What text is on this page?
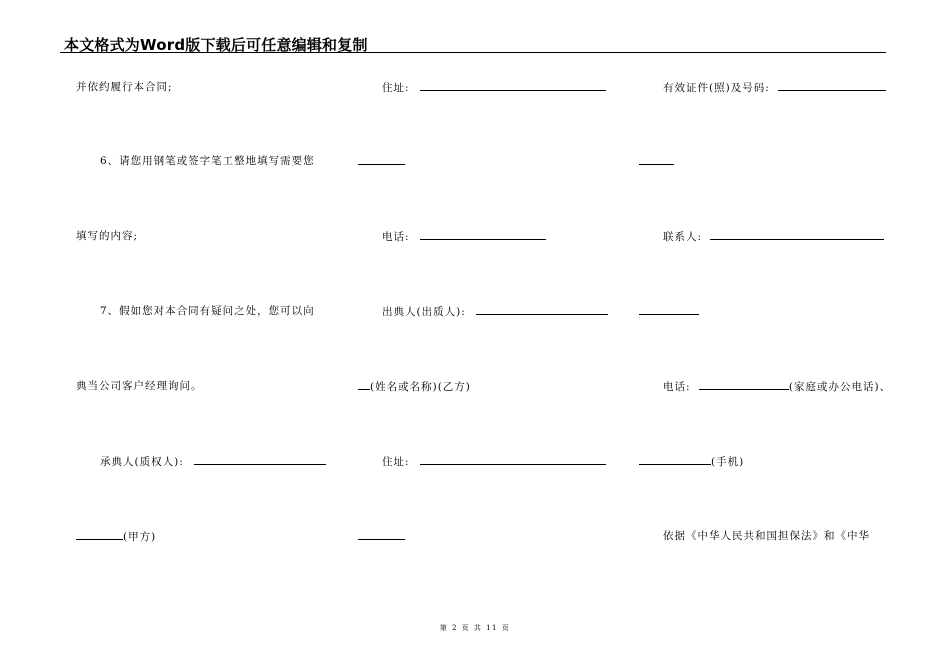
本文格式为Word版下载后可任意编辑和复制
并依约履行本合同;
6、请您用钢笔或签字笔工整地填写需要您
填写的内容;
7、假如您对本合同有疑问之处，您可以向
典当公司客户经理询问。
承典人(质权人):
(甲方)
住址:
电话:
出典人(出质人):
(姓名或名称)(乙方)
住址:
有效证件(照)及号码:
联系人:
电话:	(家庭或办公电话)、
(手机)
依据《中华人民共和国担保法》和《中华
第 2 页 共 11 页
